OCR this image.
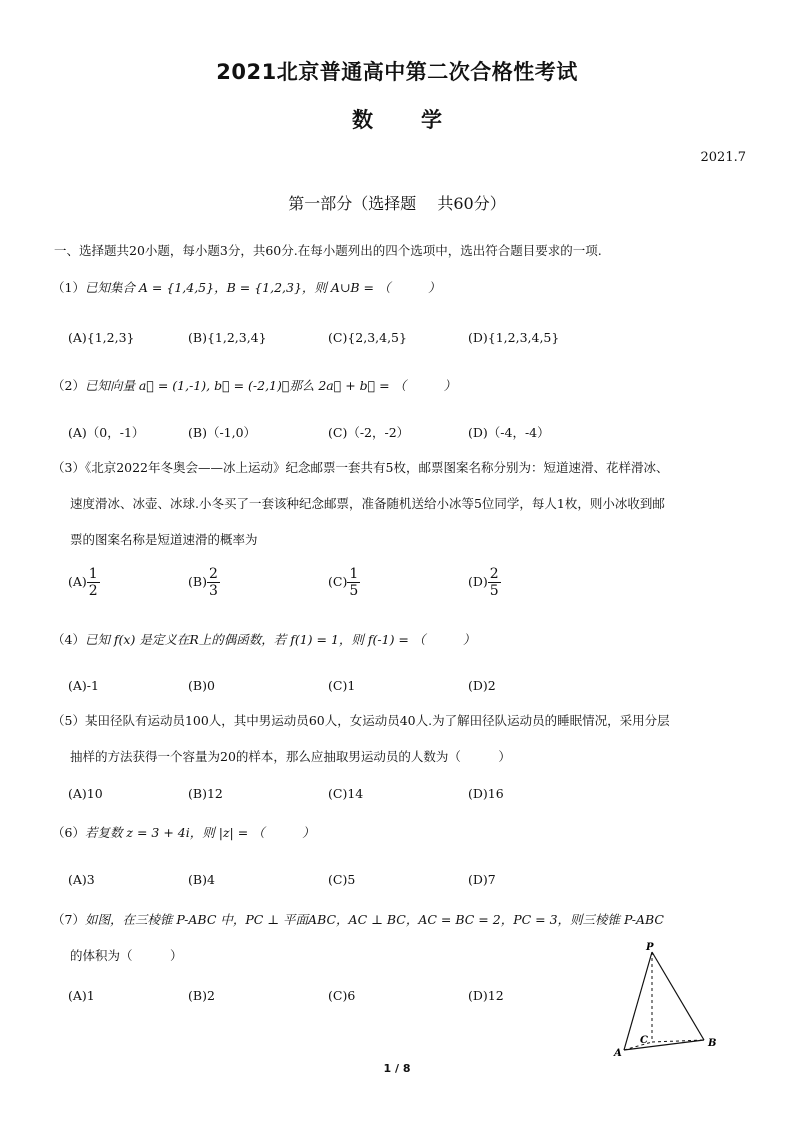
2021北京普通高中第二次合格性考试
数 学
2021.7
第一部分（选择题　 共60分）
一、选择题共20小题，每小题3分，共60分.在每小题列出的四个选项中，选出符合题目要求的一项.
（1）已知集合 A = {1,4,5}，B = {1,2,3}，则 A∪B = （　　　）
(A){1,2,3}	(B){1,2,3,4}	(C){2,3,4,5}	(D){1,2,3,4,5}
（2）已知向量 a⃗ = (1,-1), b⃗ = (-2,1)，那么 2a⃗ + b⃗ = （　　　）
(A)（0，-1）	(B)（-1,0）	(C)（-2，-2）	(D)（-4，-4）
（3）《北京2022年冬奥会——冰上运动》纪念邮票一套共有5枚，邮票图案名称分别为：短道速滑、花样滑冰、
速度滑冰、冰壶、冰球.小冬买了一套该种纪念邮票，准备随机送给小冰等5位同学，每人1枚，则小冰收到邮
票的图案名称是短道速滑的概率为
$(A) \frac{1}{2}$	$(B) \frac{2}{3}$	$(C) \frac{1}{5}$	$(D) \frac{2}{5}$
（4）已知 f(x) 是定义在R上的偶函数，若 f(1) = 1，则 f(-1) = （　　　）
(A)-1	(B)0	(C)1	(D)2
（5）某田径队有运动员100人，其中男运动员60人，女运动员40人.为了解田径队运动员的睡眠情况，采用分层
抽样的方法获得一个容量为20的样本，那么应抽取男运动员的人数为（　　　）
(A)10	(B)12	(C)14	(D)16
（6）若复数 z = 3 + 4i，则 |z| = （　　　）
(A)3	(B)4	(C)5	(D)7
（7）如图，在三棱锥 P-ABC 中，PC ⊥ 平面ABC，AC ⊥ BC，AC = BC = 2，PC = 3，则三棱锥 P-ABC
的体积为（　　　）
(A)1	(B)2	(C)6	(D)12
P
A
B
C
1 / 8
